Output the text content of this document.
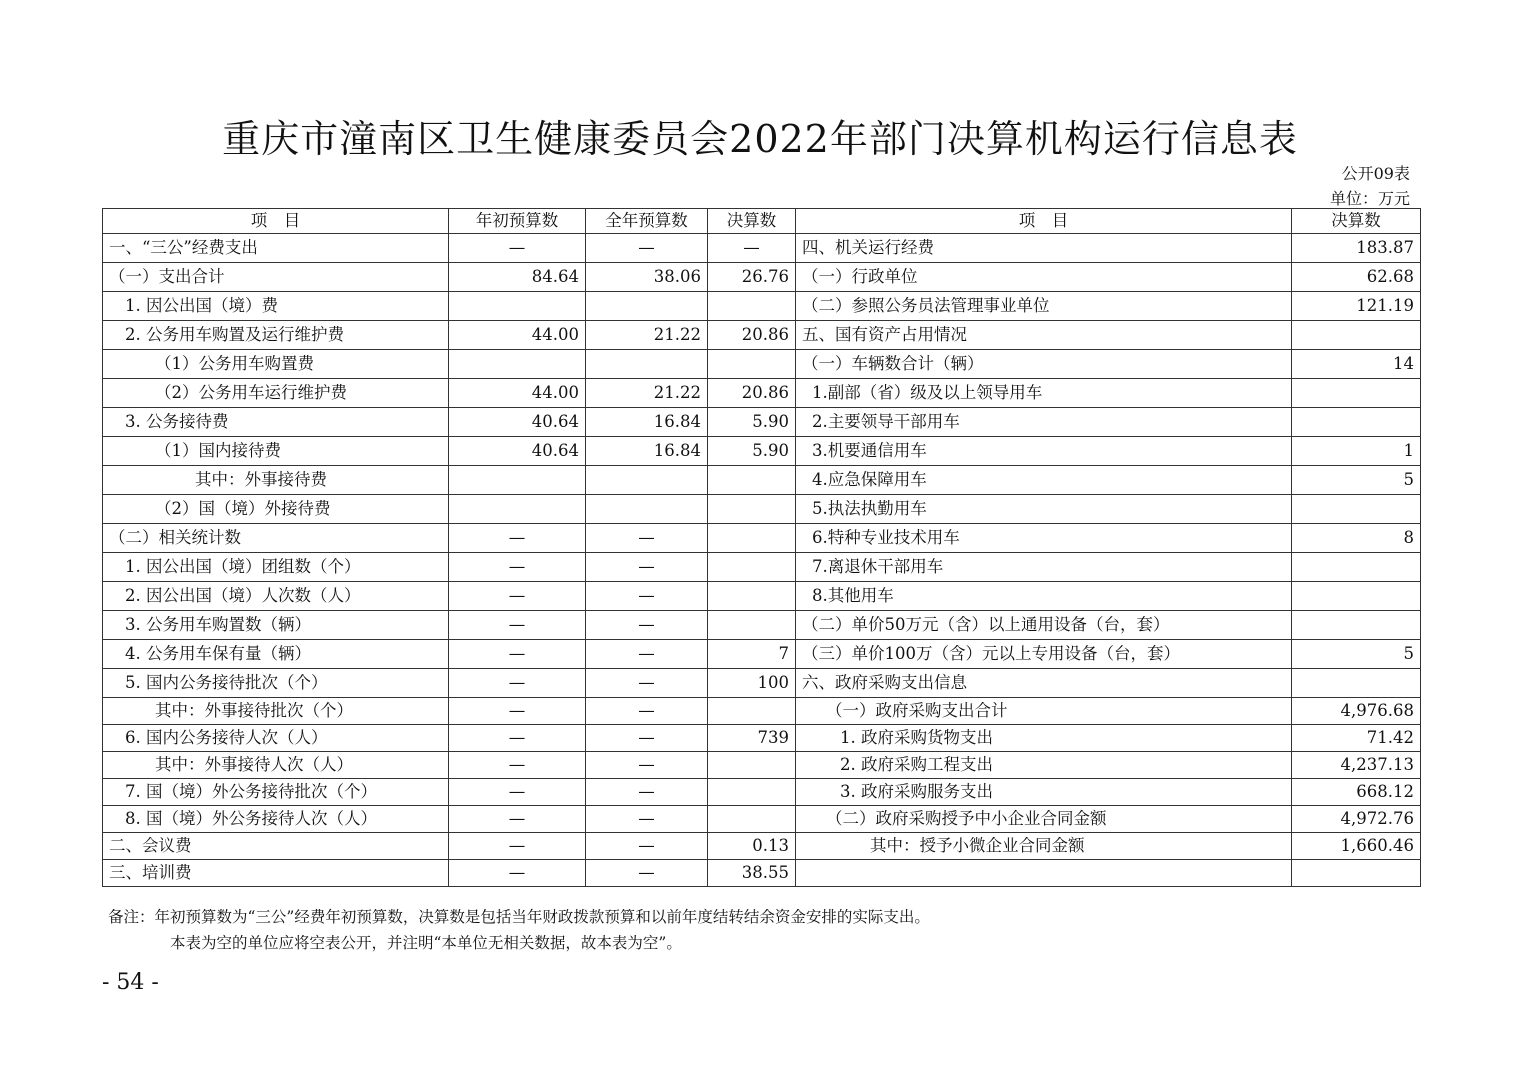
重庆市潼南区卫生健康委员会2022年部门决算机构运行信息表
公开09表
单位：万元
项　目	年初预算数	全年预算数	决算数	项　目	决算数
一、“三公”经费支出	—	—	—	四、机关运行经费	183.87
（一）支出合计	84.64	38.06	26.76	（一）行政单位	62.68
1. 因公出国（境）费				（二）参照公务员法管理事业单位	121.19
2. 公务用车购置及运行维护费	44.00	21.22	20.86	五、国有资产占用情况	
（1）公务用车购置费				（一）车辆数合计（辆）	14
（2）公务用车运行维护费	44.00	21.22	20.86	1.副部（省）级及以上领导用车	
3. 公务接待费	40.64	16.84	5.90	2.主要领导干部用车	
（1）国内接待费	40.64	16.84	5.90	3.机要通信用车	1
其中：外事接待费				4.应急保障用车	5
（2）国（境）外接待费				5.执法执勤用车	
（二）相关统计数	—	—		6.特种专业技术用车	8
1. 因公出国（境）团组数（个）	—	—		7.离退休干部用车	
2. 因公出国（境）人次数（人）	—	—		8.其他用车	
3. 公务用车购置数（辆）	—	—		（二）单价50万元（含）以上通用设备（台，套）	
4. 公务用车保有量（辆）	—	—	7	（三）单价100万（含）元以上专用设备（台，套）	5
5. 国内公务接待批次（个）	—	—	100	六、政府采购支出信息	
其中：外事接待批次（个）	—	—		（一）政府采购支出合计	4,976.68
6. 国内公务接待人次（人）	—	—	739	1. 政府采购货物支出	71.42
其中：外事接待人次（人）	—	—		2. 政府采购工程支出	4,237.13
7. 国（境）外公务接待批次（个）	—	—		3. 政府采购服务支出	668.12
8. 国（境）外公务接待人次（人）	—	—		（二）政府采购授予中小企业合同金额	4,972.76
二、会议费	—	—	0.13	其中：授予小微企业合同金额	1,660.46
三、培训费	—	—	38.55		
备注：年初预算数为“三公”经费年初预算数，决算数是包括当年财政拨款预算和以前年度结转结余资金安排的实际支出。
本表为空的单位应将空表公开，并注明“本单位无相关数据，故本表为空”。
- 54 -
